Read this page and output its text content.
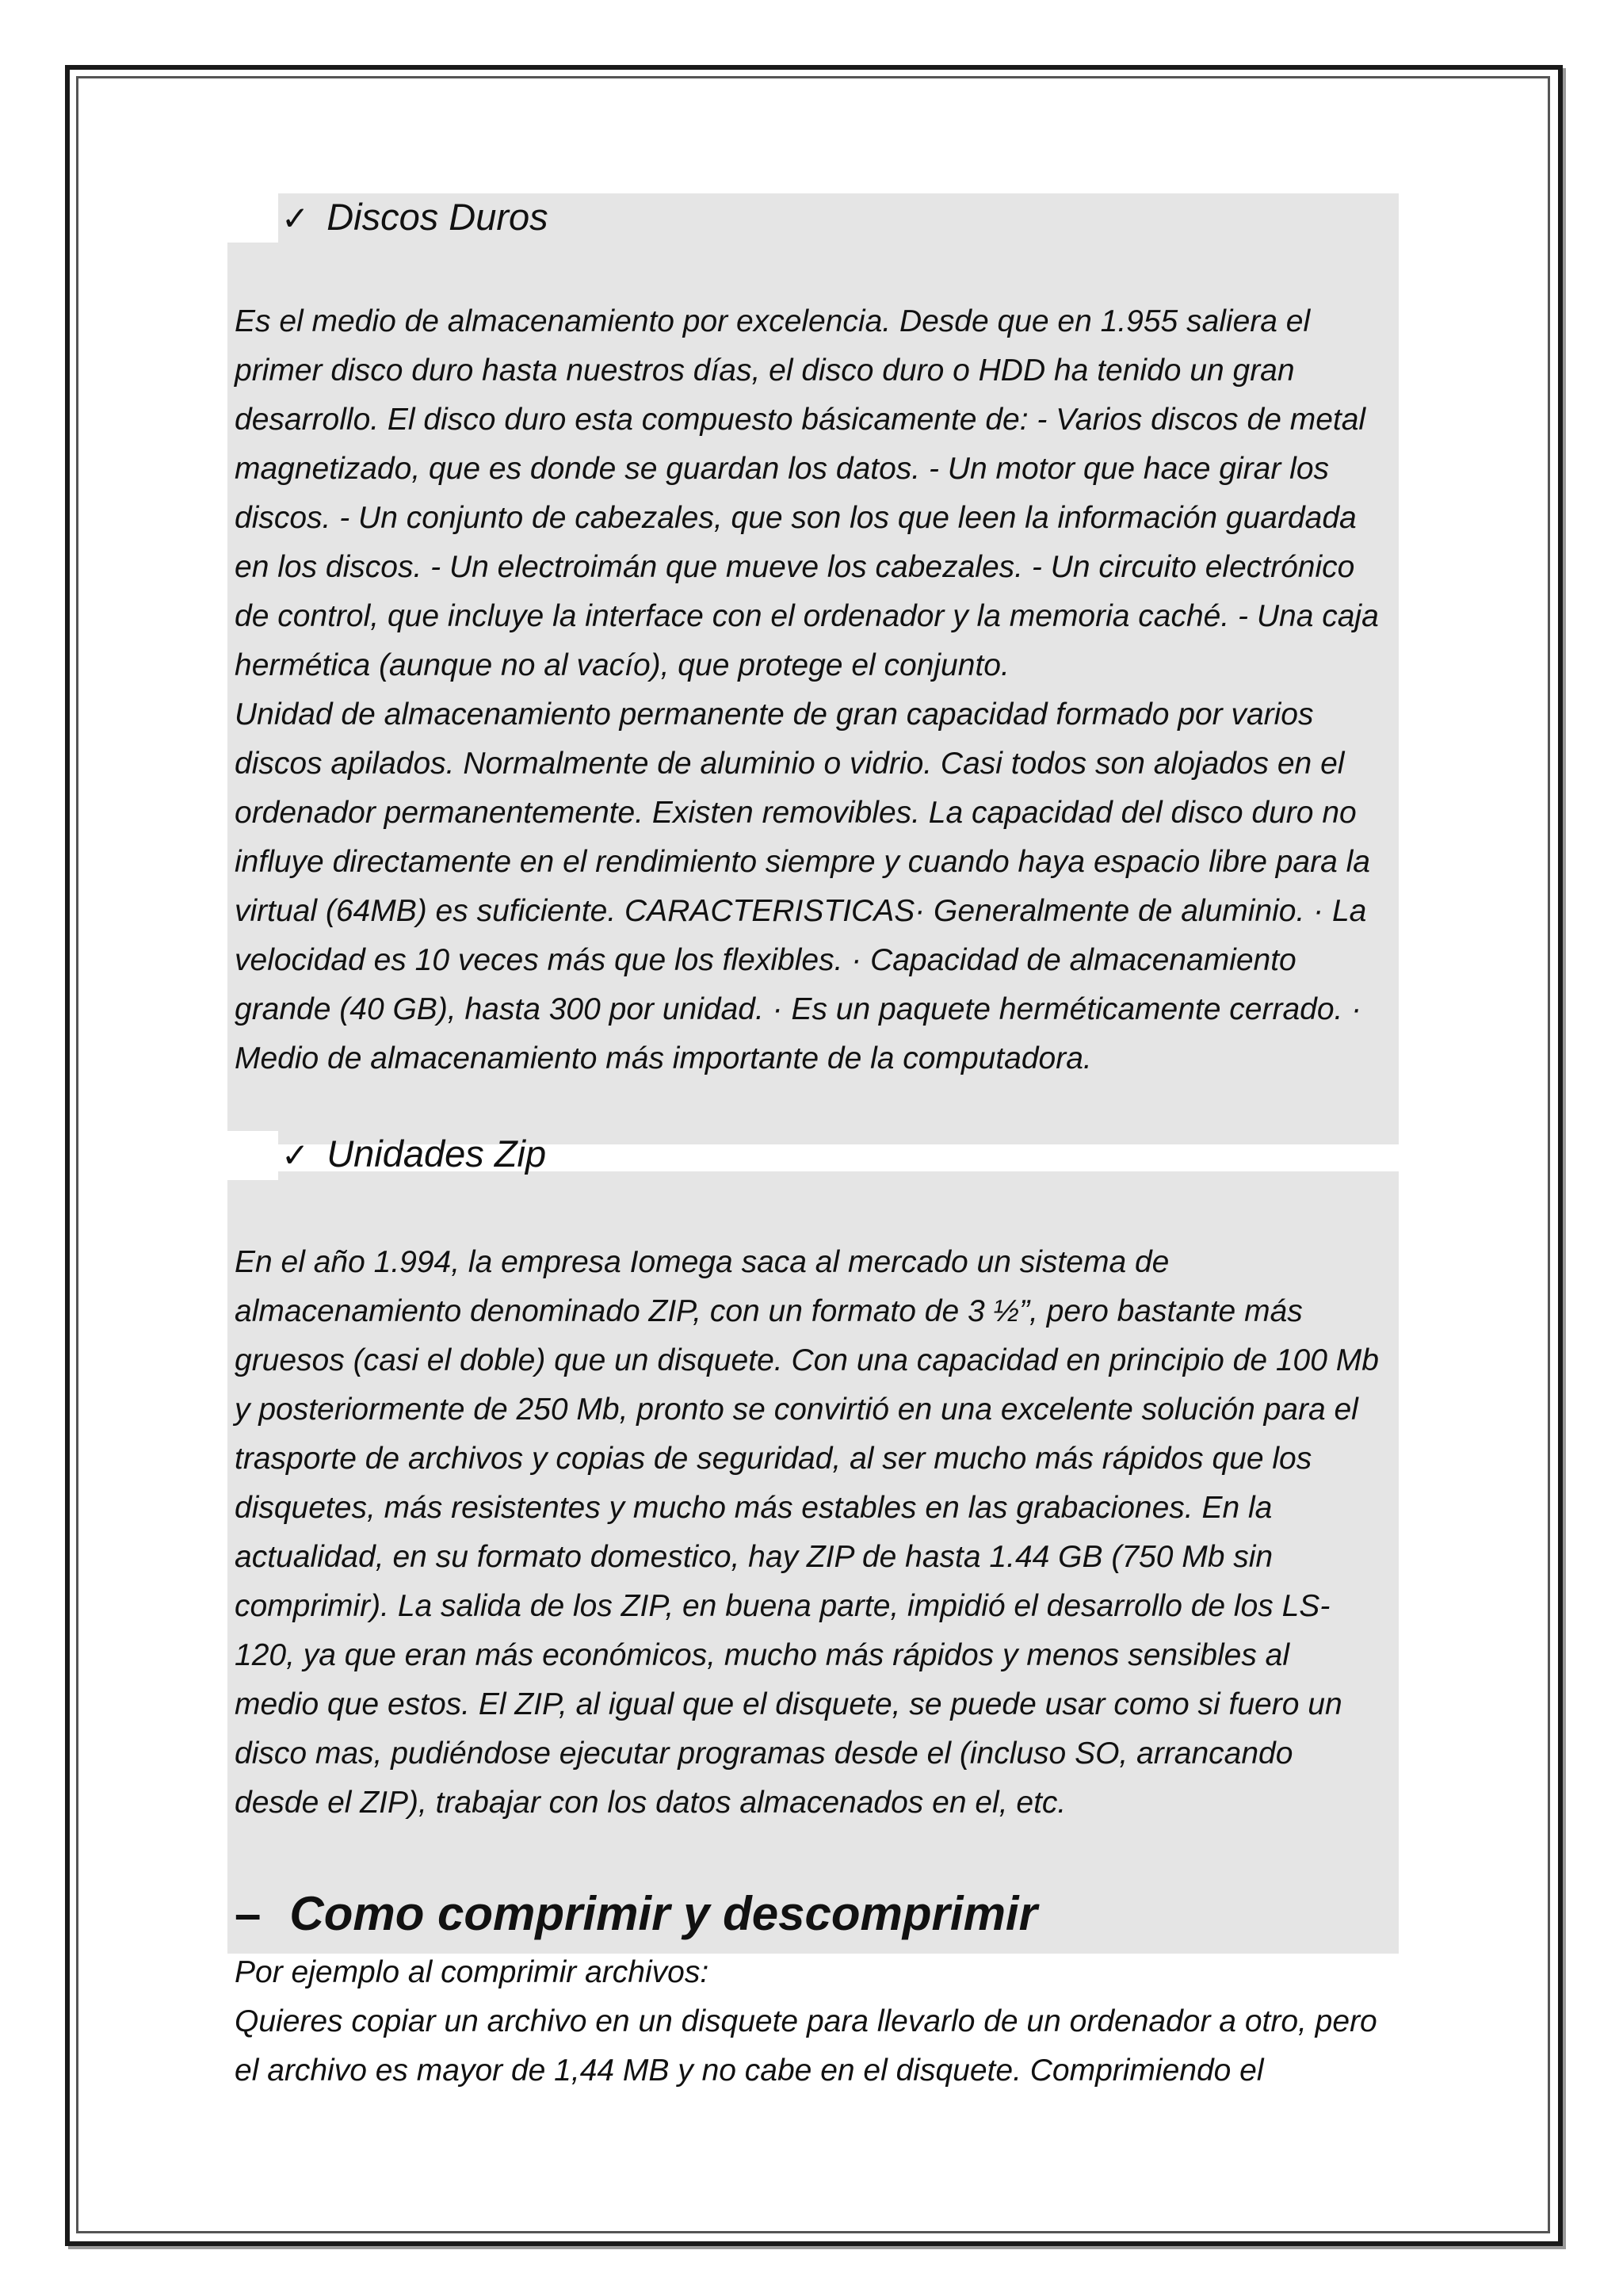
✓ Discos Duros
Es el medio de almacenamiento por excelencia. Desde que en 1.955 saliera el
primer disco duro hasta nuestros días, el disco duro o HDD ha tenido un gran
desarrollo. El disco duro esta compuesto básicamente de: - Varios discos de metal
magnetizado, que es donde se guardan los datos. - Un motor que hace girar los
discos. - Un conjunto de cabezales, que son los que leen la información guardada
en los discos. - Un electroimán que mueve los cabezales. - Un circuito electrónico
de control, que incluye la interface con el ordenador y la memoria caché. - Una caja
hermética (aunque no al vacío), que protege el conjunto.
Unidad de almacenamiento permanente de gran capacidad formado por varios
discos apilados. Normalmente de aluminio o vidrio. Casi todos son alojados en el
ordenador permanentemente. Existen removibles. La capacidad del disco duro no
influye directamente en el rendimiento siempre y cuando haya espacio libre para la
virtual (64MB) es suficiente. CARACTERISTICAS· Generalmente de aluminio. · La
velocidad es 10 veces más que los flexibles. · Capacidad de almacenamiento
grande (40 GB), hasta 300 por unidad. · Es un paquete herméticamente cerrado. ·
Medio de almacenamiento más importante de la computadora.
✓ Unidades Zip
En el año 1.994, la empresa Iomega saca al mercado un sistema de
almacenamiento denominado ZIP, con un formato de 3 ½”, pero bastante más
gruesos (casi el doble) que un disquete. Con una capacidad en principio de 100 Mb
y posteriormente de 250 Mb, pronto se convirtió en una excelente solución para el
trasporte de archivos y copias de seguridad, al ser mucho más rápidos que los
disquetes, más resistentes y mucho más estables en las grabaciones. En la
actualidad, en su formato domestico, hay ZIP de hasta 1.44 GB (750 Mb sin
comprimir). La salida de los ZIP, en buena parte, impidió el desarrollo de los LS-
120, ya que eran más económicos, mucho más rápidos y menos sensibles al
medio que estos. El ZIP, al igual que el disquete, se puede usar como si fuero un
disco mas, pudiéndose ejecutar programas desde el (incluso SO, arrancando
desde el ZIP), trabajar con los datos almacenados en el, etc.
– Como comprimir y descomprimir
Por ejemplo al comprimir archivos:
Quieres copiar un archivo en un disquete para llevarlo de un ordenador a otro, pero
el archivo es mayor de 1,44 MB y no cabe en el disquete. Comprimiendo el
